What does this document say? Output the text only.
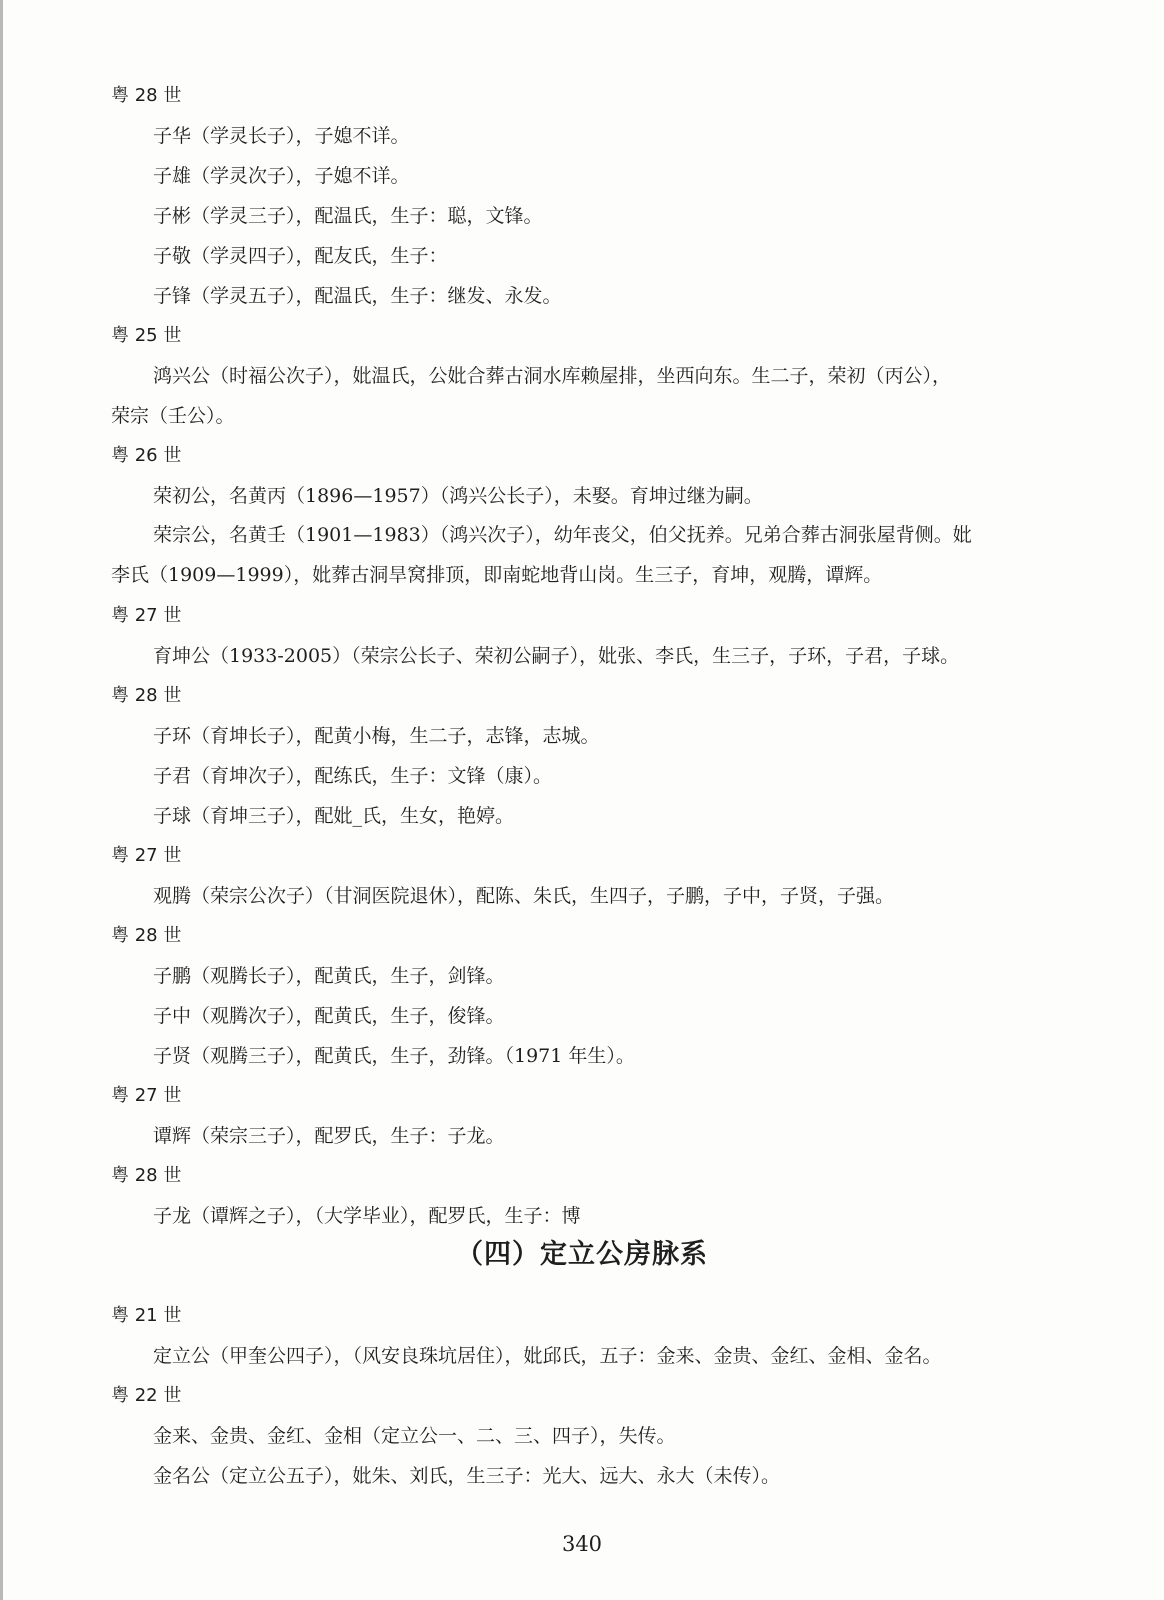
粤 28 世
子华（学灵长子），子媳不详。
子雄（学灵次子），子媳不详。
子彬（学灵三子），配温氏，生子：聪，文锋。
子敬（学灵四子），配友氏，生子：
子锋（学灵五子），配温氏，生子：继发、永发。
粤 25 世
鸿兴公（时福公次子），妣温氏，公妣合葬古洞水库赖屋排，坐西向东。生二子，荣初（丙公），
荣宗（壬公）。
粤 26 世
荣初公，名黄丙（1896—1957）（鸿兴公长子），未娶。育坤过继为嗣。
荣宗公，名黄壬（1901—1983）（鸿兴次子），幼年丧父，伯父抚养。兄弟合葬古洞张屋背侧。妣
李氏（1909—1999），妣葬古洞旱窝排顶，即南蛇地背山岗。生三子，育坤，观腾，谭辉。
粤 27 世
育坤公（1933-2005）（荣宗公长子、荣初公嗣子），妣张、李氏，生三子，子环，子君，子球。
粤 28 世
子环（育坤长子），配黄小梅，生二子，志锋，志城。
子君（育坤次子），配练氏，生子：文锋（康）。
子球（育坤三子），配妣_氏，生女，艳婷。
粤 27 世
观腾（荣宗公次子）（甘洞医院退休），配陈、朱氏，生四子，子鹏，子中，子贤，子强。
粤 28 世
子鹏（观腾长子），配黄氏，生子，剑锋。
子中（观腾次子），配黄氏，生子，俊锋。
子贤（观腾三子），配黄氏，生子，劲锋。（1971 年生）。
粤 27 世
谭辉（荣宗三子），配罗氏，生子：子龙。
粤 28 世
子龙（谭辉之子），（大学毕业），配罗氏，生子：博
（四）定立公房脉系
粤 21 世
定立公（甲奎公四子），（风安良珠坑居住），妣邱氏，五子：金来、金贵、金红、金相、金名。
粤 22 世
金来、金贵、金红、金相（定立公一、二、三、四子），失传。
金名公（定立公五子），妣朱、刘氏，生三子：光大、远大、永大（未传）。
340
